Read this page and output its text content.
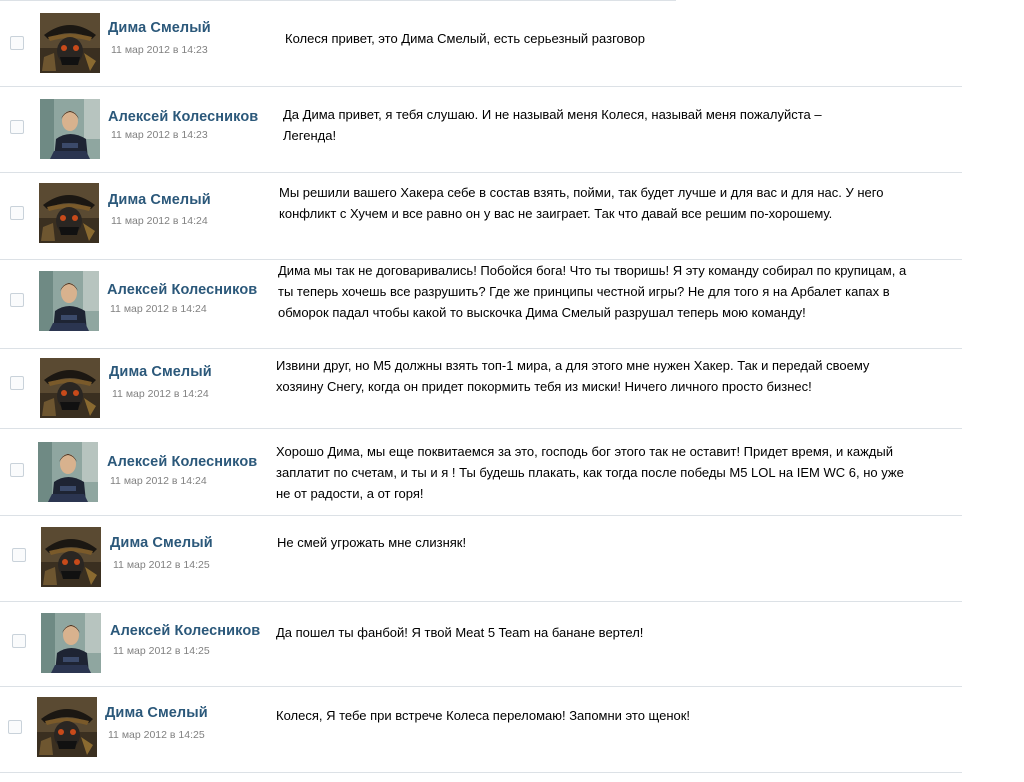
Дима Смелый
11 мар 2012 в 14:23
Колеся привет, это Дима Смелый, есть серьезный разговор
Алексей Колесников
11 мар 2012 в 14:23
Да Дима привет, я тебя слушаю. И не называй меня Колеся, называй меня пожалуйста – Легенда!
Дима Смелый
11 мар 2012 в 14:24
Мы решили вашего Хакера себе в состав взять, пойми, так будет лучше и для вас и для нас. У него конфликт с Хучем и все равно он у вас не заиграет. Так что давай все решим по-хорошему.
Алексей Колесников
11 мар 2012 в 14:24
Дима мы так не договаривались! Побойся бога! Что ты творишь! Я эту команду собирал по крупицам, а ты теперь хочешь все разрушить? Где же принципы честной игры? Не для того я на Арбалет капах в обморок падал чтобы какой то выскочка Дима Смелый разрушал теперь мою команду!
Дима Смелый
11 мар 2012 в 14:24
Извини друг, но М5 должны взять топ-1 мира, а для этого мне нужен Хакер. Так и передай своему хозяину Снегу, когда он придет покормить тебя из миски! Ничего личного просто бизнес!
Алексей Колесников
11 мар 2012 в 14:24
Хорошо Дима, мы еще поквитаемся за это, господь бог этого так не оставит! Придет время, и каждый заплатит по счетам, и ты и я ! Ты будешь плакать, как тогда после победы М5 LOL на IEM WC 6, но уже не от радости, а от горя!
Дима Смелый
11 мар 2012 в 14:25
Не смей угрожать мне слизняк!
Алексей Колесников
11 мар 2012 в 14:25
Да пошел ты фанбой! Я твой Meat 5 Team на банане вертел!
Дима Смелый
11 мар 2012 в 14:25
Колеся, Я тебе при встрече Колеса переломаю! Запомни это щенок!
